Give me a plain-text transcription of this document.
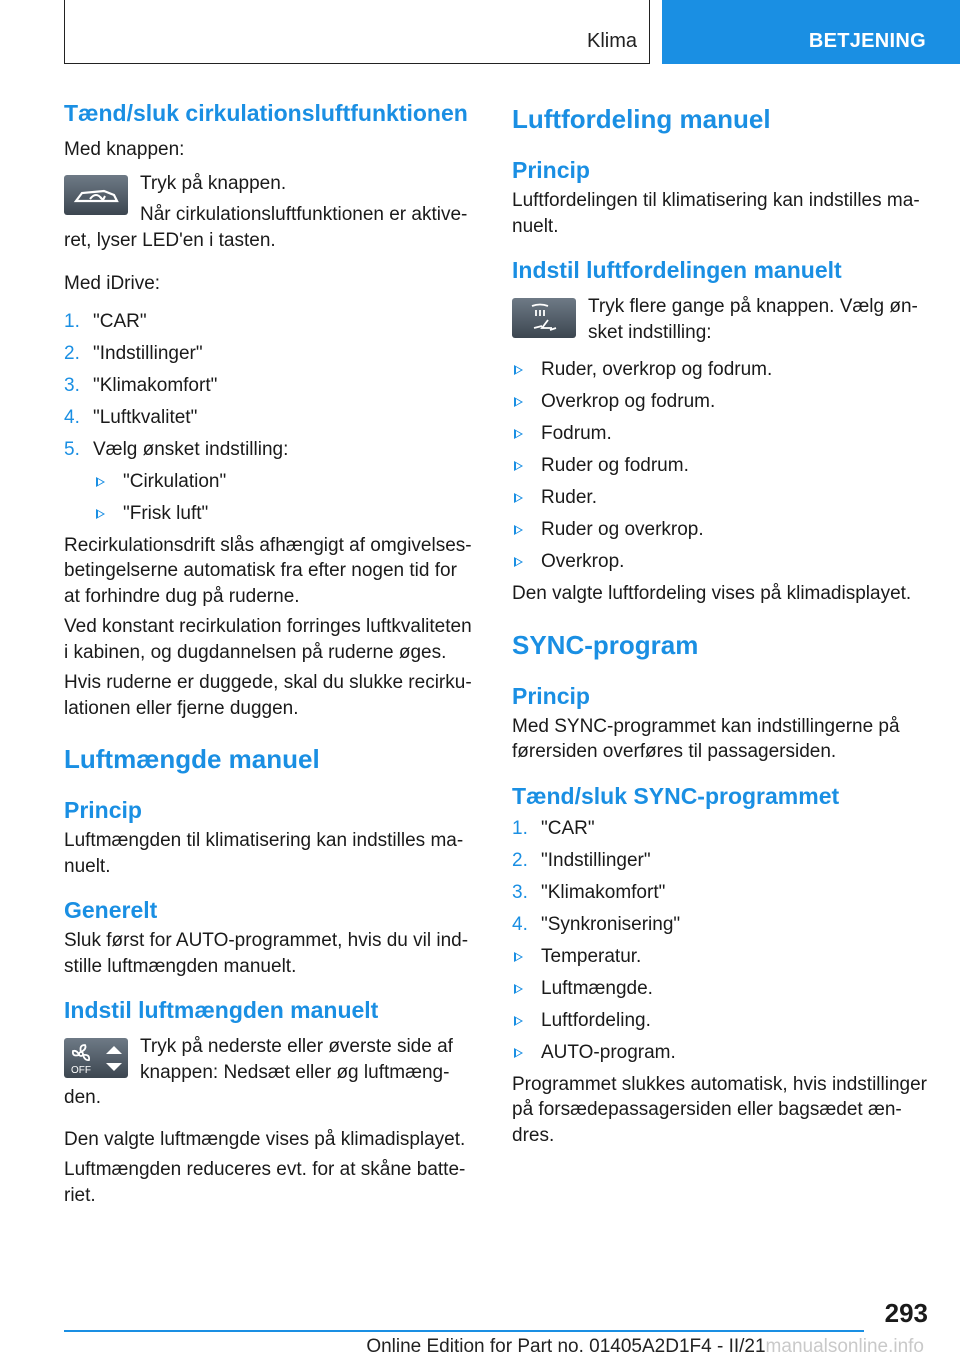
Klima	BETJENING
Tænd/sluk cirkulationsluftfunktionen

Med knappen:

Tryk på knappen.

Når cirkulationsluftfunktionen er aktiveret, lyser LED'en i tasten.

Med iDrive:

1. "CAR"
2. "Indstillinger"
3. "Klimakomfort"
4. "Luftkvalitet"
5. Vælg ønsket indstilling:
"Cirkulation"
"Frisk luft"

Recirkulationsdrift slås afhængigt af omgivelsesbetingelserne automatisk fra efter nogen tid for at forhindre dug på ruderne.

Ved konstant recirkulation forringes luftkvaliteten i kabinen, og dugdannelsen på ruderne øges.

Hvis ruderne er duggede, skal du slukke recirkulationen eller fjerne duggen.

Luftmængde manuel
Princip

Luftmængden til klimatisering kan indstilles manuelt.

Generelt

Sluk først for AUTO-programmet, hvis du vil indstille luftmængden manuelt.

Indstil luftmængden manuelt
OFF

Tryk på nederste eller øverste side af knappen: Nedsæt eller øg luftmængden.

Den valgte luftmængde vises på klimadisplayet.

Luftmængden reduceres evt. for at skåne batteriet.

Luftfordeling manuel
Princip

Luftfordelingen til klimatisering kan indstilles manuelt.

Indstil luftfordelingen manuelt

Tryk flere gange på knappen. Vælg ønsket indstilling:

Ruder, overkrop og fodrum.
Overkrop og fodrum.
Fodrum.
Ruder og fodrum.
Ruder.
Ruder og overkrop.
Overkrop.

Den valgte luftfordeling vises på klimadisplayet.

SYNC-program
Princip

Med SYNC-programmet kan indstillingerne på førersiden overføres til passagersiden.

Tænd/sluk SYNC-programmet
1. "CAR"
2. "Indstillinger"
3. "Klimakomfort"
4. "Synkronisering"
Temperatur.
Luftmængde.
Luftfordeling.
AUTO-program.

Programmet slukkes automatisk, hvis indstillinger på forsædepassagersiden eller bagsædet ændres.

293
Online Edition for Part no. 01405A2D1F4 - II/21manualsonline.info
